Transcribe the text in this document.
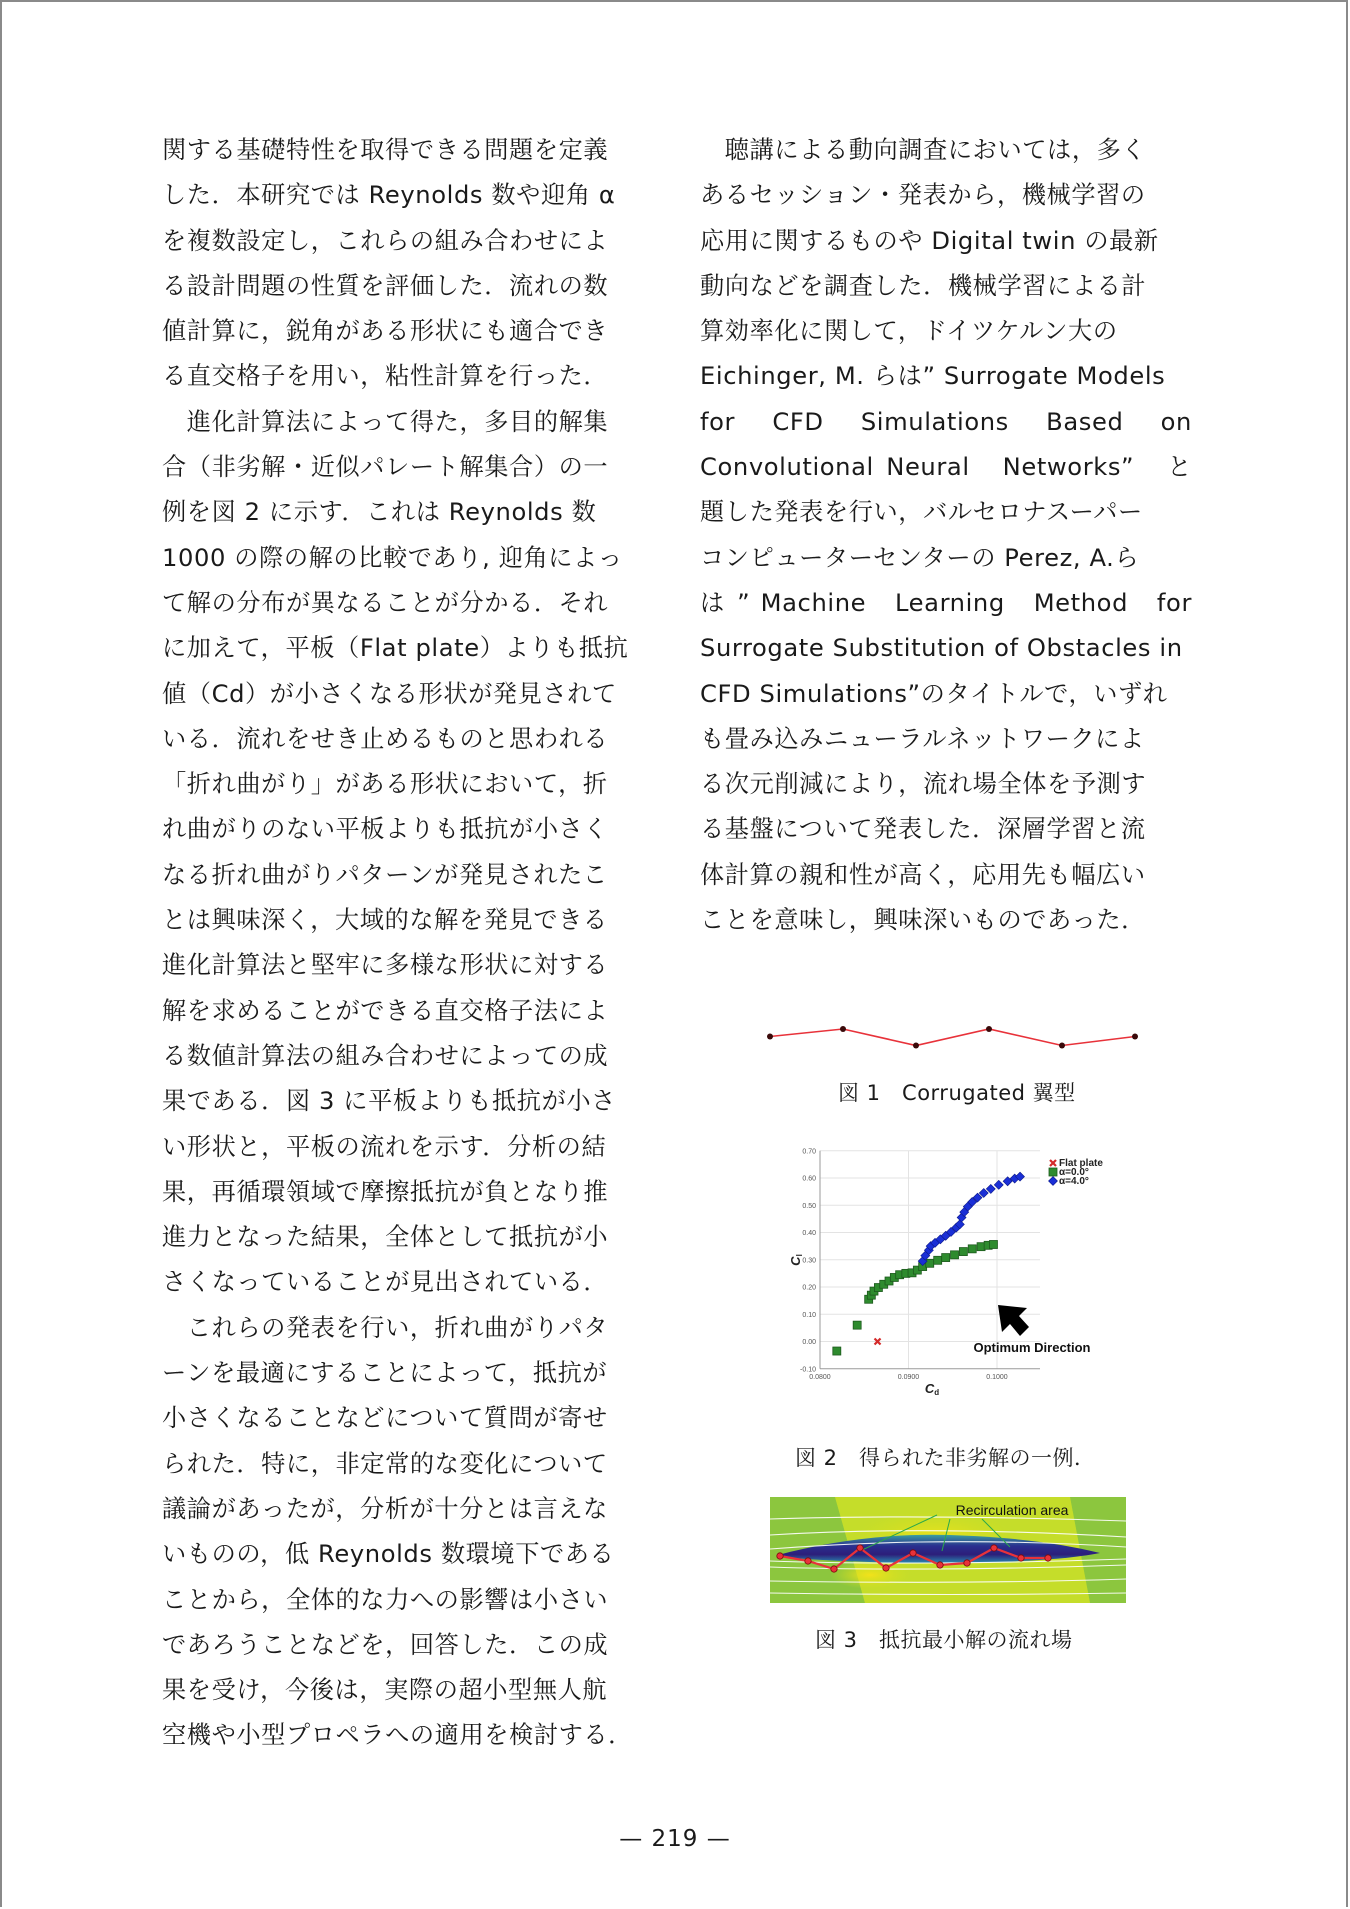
関する基礎特性を取得できる問題を定義
した．本研究では Reynolds 数や迎角 α
を複数設定し，これらの組み合わせによ
る設計問題の性質を評価した．流れの数
値計算に，鋭角がある形状にも適合でき
る直交格子を用い，粘性計算を行った．
　進化計算法によって得た，多目的解集
合（非劣解・近似パレート解集合）の一
例を図 2 に示す．これは Reynolds 数
1000 の際の解の比較であり, 迎角によっ
て解の分布が異なることが分かる．それ
に加えて，平板（Flat plate）よりも抵抗
値（Cd）が小さくなる形状が発見されて
いる．流れをせき止めるものと思われる
「折れ曲がり」がある形状において，折
れ曲がりのない平板よりも抵抗が小さく
なる折れ曲がりパターンが発見されたこ
とは興味深く，大域的な解を発見できる
進化計算法と堅牢に多様な形状に対する
解を求めることができる直交格子法によ
る数値計算法の組み合わせによっての成
果である．図 3 に平板よりも抵抗が小さ
い形状と，平板の流れを示す．分析の結
果，再循環領域で摩擦抵抗が負となり推
進力となった結果，全体として抵抗が小
さくなっていることが見出されている．
　これらの発表を行い，折れ曲がりパタ
ーンを最適にすることによって，抵抗が
小さくなることなどについて質問が寄せ
られた．特に，非定常的な変化について
議論があったが，分析が十分とは言えな
いものの，低 Reynolds 数環境下である
ことから，全体的な力への影響は小さい
であろうことなどを，回答した．この成
果を受け，今後は，実際の超小型無人航
空機や小型プロペラへの適用を検討する．
　聴講による動向調査においては，多く
あるセッション・発表から，機械学習の
応用に関するものや Digital twin の最新
動向などを調査した．機械学習による計
算効率化に関して，ドイツケルン大の
Eichinger, M. らは” Surrogate Models
for　CFD　Simulations　Based　on
Convolutional Neural　Networks”　と
題した発表を行い，バルセロナスーパー
コンピューターセンターの Perez, A.ら
は ” Machine　Learning　Method　for
Surrogate Substitution of Obstacles in
CFD Simulations”のタイトルで，いずれ
も畳み込みニューラルネットワークによ
る次元削減により，流れ場全体を予測す
る基盤について発表した．深層学習と流
体計算の親和性が高く，応用先も幅広い
ことを意味し，興味深いものであった．
図 1　Corrugated 翼型
-0.10
0.00
0.10
0.20
0.30
0.40
0.50
0.60
0.70
0.0800	0.0900	0.1000
Cd
Cl
Flat plate
α=0.0°
α=4.0°
Optimum Direction
図 2　得られた非劣解の一例．
Recirculation area
図 3　抵抗最小解の流れ場
— 219 —
